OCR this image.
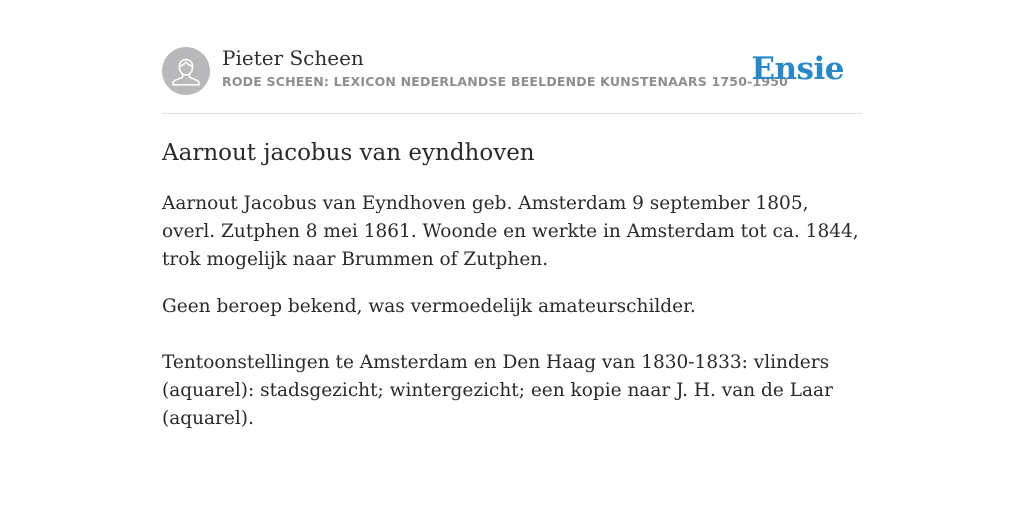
Pieter Scheen
RODE SCHEEN: LEXICON NEDERLANDSE BEELDENDE KUNSTENAARS 1750-1950
Ensie
Aarnout jacobus van eyndhoven

Aarnout Jacobus van Eyndhoven geb. Amsterdam 9 september 1805, overl. Zutphen 8 mei 1861. Woonde en werkte in Amsterdam tot ca. 1844, trok mogelijk naar Brummen of Zutphen.

Geen beroep bekend, was vermoedelijk amateurschilder.

Tentoonstellingen te Amsterdam en Den Haag van 1830-1833: vlinders (aquarel): stadsgezicht; wintergezicht; een kopie naar J. H. van de Laar (aquarel).
